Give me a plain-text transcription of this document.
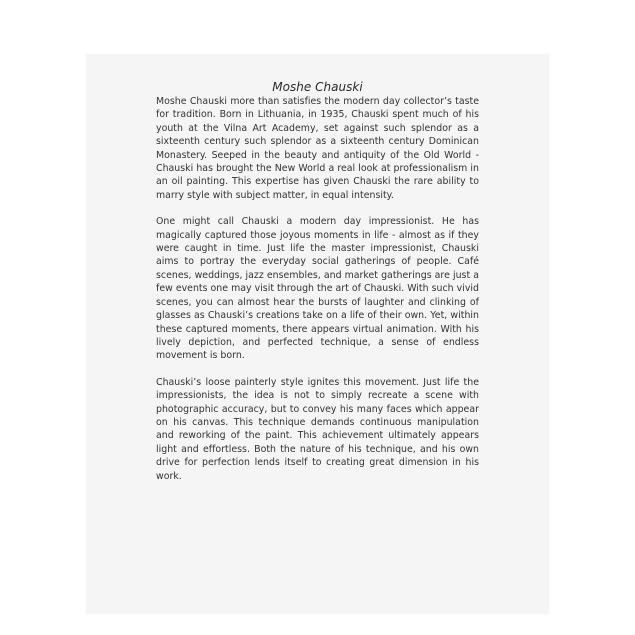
Moshe Chauski

Moshe Chauski more than satisfies the modern day collector’s taste for tradition. Born in Lithuania, in 1935, Chauski spent much of his youth at the Vilna Art Academy, set against such splendor as a sixteenth century such splendor as a sixteenth century Dominican Monastery. Seeped in the beauty and antiquity of the Old World - Chauski has brought the New World a real look at professionalism in an oil painting. This expertise has given Chauski the rare ability to marry style with subject matter, in equal intensity.

One might call Chauski a modern day impressionist. He has magically captured those joyous moments in life - almost as if they were caught in time. Just life the master impressionist, Chauski aims to portray the everyday social gatherings of people. Café scenes, weddings, jazz ensembles, and market gatherings are just a few events one may visit through the art of Chauski. With such vivid scenes, you can almost hear the bursts of laughter and clinking of glasses as Chauski’s creations take on a life of their own. Yet, within these captured moments, there appears virtual animation. With his lively depiction, and perfected technique, a sense of endless movement is born.

Chauski’s loose painterly style ignites this movement. Just life the impressionists, the idea is not to simply recreate a scene with photographic accuracy, but to convey his many faces which appear on his canvas. This technique demands continuous manipulation and reworking of the paint. This achievement ultimately appears light and effortless. Both the nature of his technique, and his own drive for perfection lends itself to creating great dimension in his work.
